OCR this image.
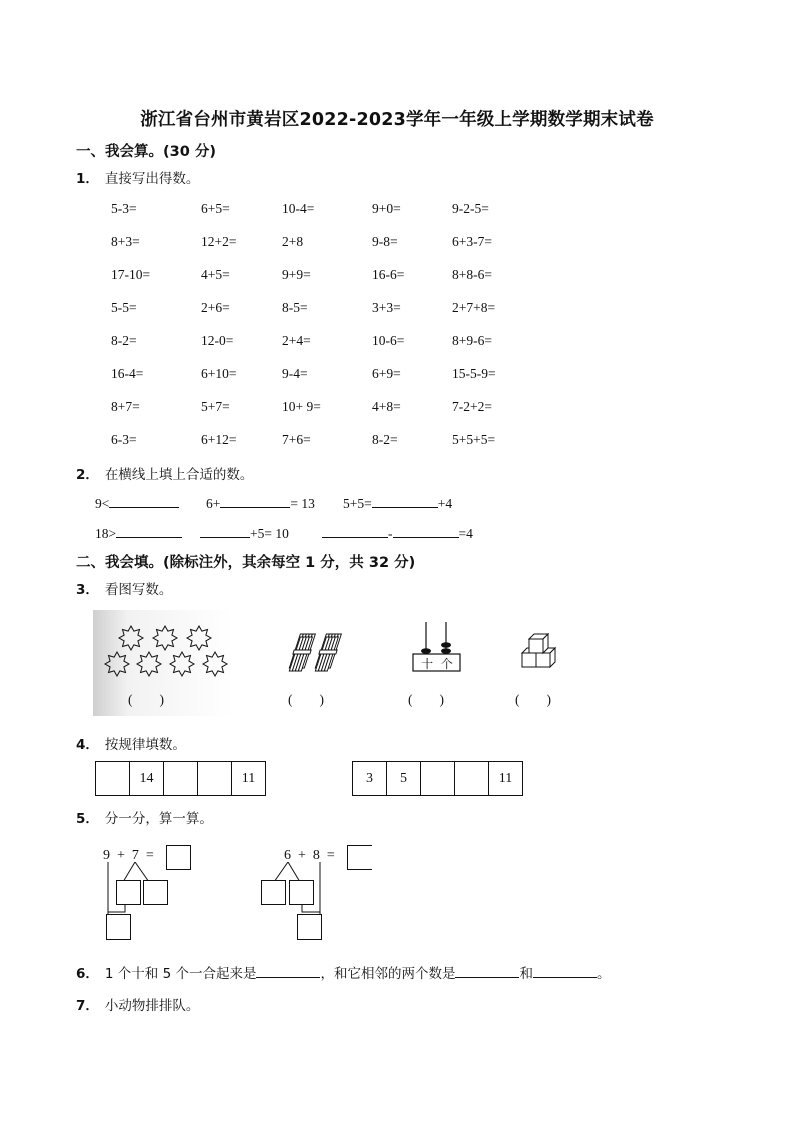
浙江省台州市黄岩区2022-2023学年一年级上学期数学期末试卷
一、我会算。(30 分)
1． 直接写出得数。
5-3=	6+5=	10-4=	9+0=	9-2-5=
8+3=	12+2=	2+8	9-8=	6+3-7=
17-10=	4+5=	9+9=	16-6=	8+8-6=
5-5=	2+6=	8-5=	3+3=	2+7+8=
8-2=	12-0=	2+4=	10-6=	8+9-6=
16-4=	6+10=	9-4=	6+9=	15-5-9=
8+7=	5+7=	10+ 9=	4+8=	7-2+2=
6-3=	6+12=	7+6=	8-2=	5+5+5=
2． 在横线上填上合适的数。
9<	6+	= 13 5+5=	+4
18>	+5= 10	-	=4
二、我会填。(除标注外，其余每空 1 分，共 32 分)
3． 看图写数。
十  个
(　　)	(　　)	(　　)	(　　)
4． 按规律填数。
	14			11	3	5			11
5． 分一分，算一算。
9  +  7  =	6  +  8  =
6． 1 个十和 5 个一合起来是	，和它相邻的两个数是	和	。
7． 小动物排排队。
